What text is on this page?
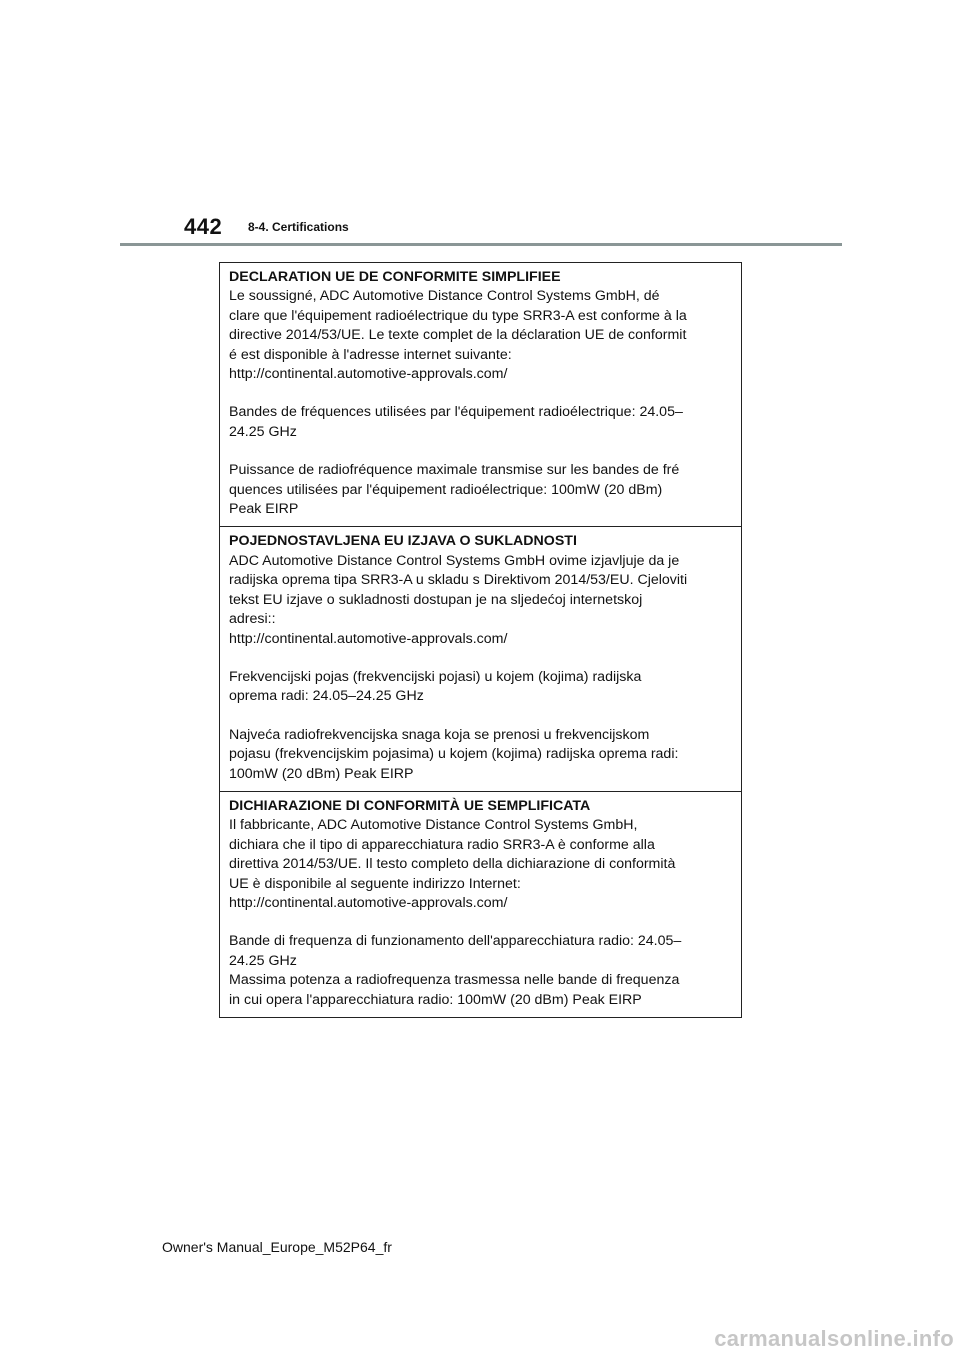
442 8-4. Certifications
DECLARATION UE DE CONFORMITE SIMPLIFIEE
Le soussigné, ADC Automotive Distance Control Systems GmbH, dé
clare que l'équipement radioélectrique du type SRR3-A est conforme à la
directive 2014/53/UE. Le texte complet de la déclaration UE de conformit
é est disponible à l'adresse internet suivante:
http://continental.automotive-approvals.com/
Bandes de fréquences utilisées par l'équipement radioélectrique: 24.05–
24.25 GHz
Puissance de radiofréquence maximale transmise sur les bandes de fré
quences utilisées par l'équipement radioélectrique: 100mW (20 dBm)
Peak EIRP
POJEDNOSTAVLJENA EU IZJAVA O SUKLADNOSTI
ADC Automotive Distance Control Systems GmbH ovime izjavljuje da je
radijska oprema tipa SRR3-A u skladu s Direktivom 2014/53/EU. Cjeloviti
tekst EU izjave o sukladnosti dostupan je na sljedećoj internetskoj
adresi::
http://continental.automotive-approvals.com/
Frekvencijski pojas (frekvencijski pojasi) u kojem (kojima) radijska
oprema radi: 24.05–24.25 GHz
Najveća radiofrekvencijska snaga koja se prenosi u frekvencijskom
pojasu (frekvencijskim pojasima) u kojem (kojima) radijska oprema radi:
100mW (20 dBm) Peak EIRP
DICHIARAZIONE DI CONFORMITÀ UE SEMPLIFICATA
Il fabbricante, ADC Automotive Distance Control Systems GmbH,
dichiara che il tipo di apparecchiatura radio SRR3-A è conforme alla
direttiva 2014/53/UE. Il testo completo della dichiarazione di conformità
UE è disponibile al seguente indirizzo Internet:
http://continental.automotive-approvals.com/
Bande di frequenza di funzionamento dell'apparecchiatura radio: 24.05–
24.25 GHz
Massima potenza a radiofrequenza trasmessa nelle bande di frequenza
in cui opera l'apparecchiatura radio: 100mW (20 dBm) Peak EIRP
Owner's Manual_Europe_M52P64_fr
carmanualsonline.info
